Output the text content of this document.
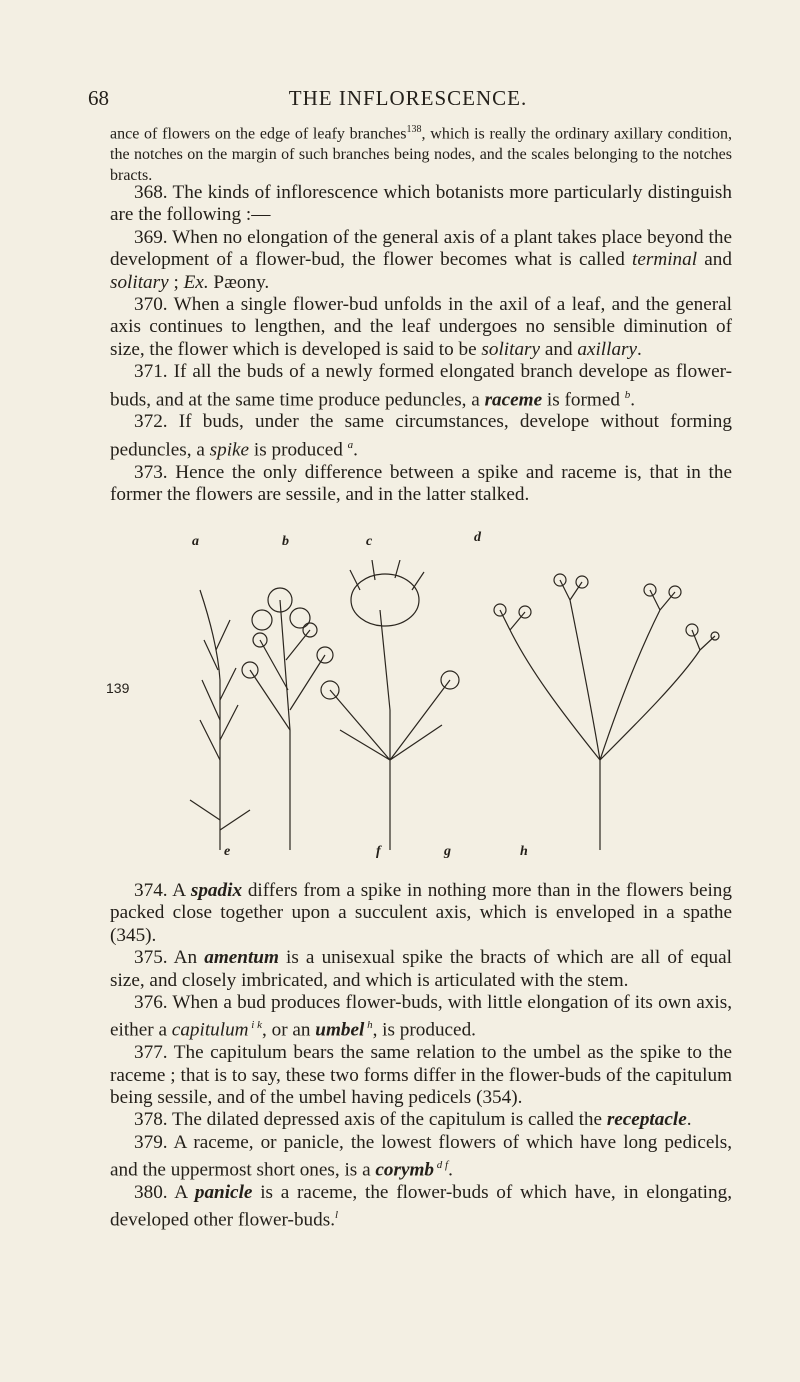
68	THE INFLORESCENCE.
ance of flowers on the edge of leafy branches$^{138}$, which is really the ordinary axillary condition, the notches on the margin of such branches being nodes, and the scales belonging to the notches bracts.

368. The kinds of inflorescence which botanists more particularly distinguish are the following :—

369. When no elongation of the general axis of a plant takes place beyond the development of a flower-bud, the flower becomes what is called terminal and solitary ; Ex. Pæony.

370. When a single flower-bud unfolds in the axil of a leaf, and the general axis continues to lengthen, and the leaf undergoes no sensible diminution of size, the flower which is developed is said to be solitary and axillary.

371. If all the buds of a newly formed elongated branch develope as flower-buds, and at the same time produce peduncles, a raceme is formed $^b$.

372. If buds, under the same circumstances, develope without forming peduncles, a spike is produced $^a$.

373. Hence the only difference between a spike and raceme is, that in the former the flowers are sessile, and in the latter stalked.

a	b	c	d
139
e	f	g	h

374. A spadix differs from a spike in nothing more than in the flowers being packed close together upon a succulent axis, which is enveloped in a spathe (345).

375. An amentum is a unisexual spike the bracts of which are all of equal size, and closely imbricated, and which is articulated with the stem.

376. When a bud produces flower-buds, with little elongation of its own axis, either a capitulum $^{i k}$, or an umbel $^h$, is produced.

377. The capitulum bears the same relation to the umbel as the spike to the raceme ; that is to say, these two forms differ in the flower-buds of the capitulum being sessile, and of the umbel having pedicels (354).

378. The dilated depressed axis of the capitulum is called the receptacle.

379. A raceme, or panicle, the lowest flowers of which have long pedicels, and the uppermost short ones, is a corymb $^{d f}$.

380. A panicle is a raceme, the flower-buds of which have, in elongating, developed other flower-buds.$^l$
